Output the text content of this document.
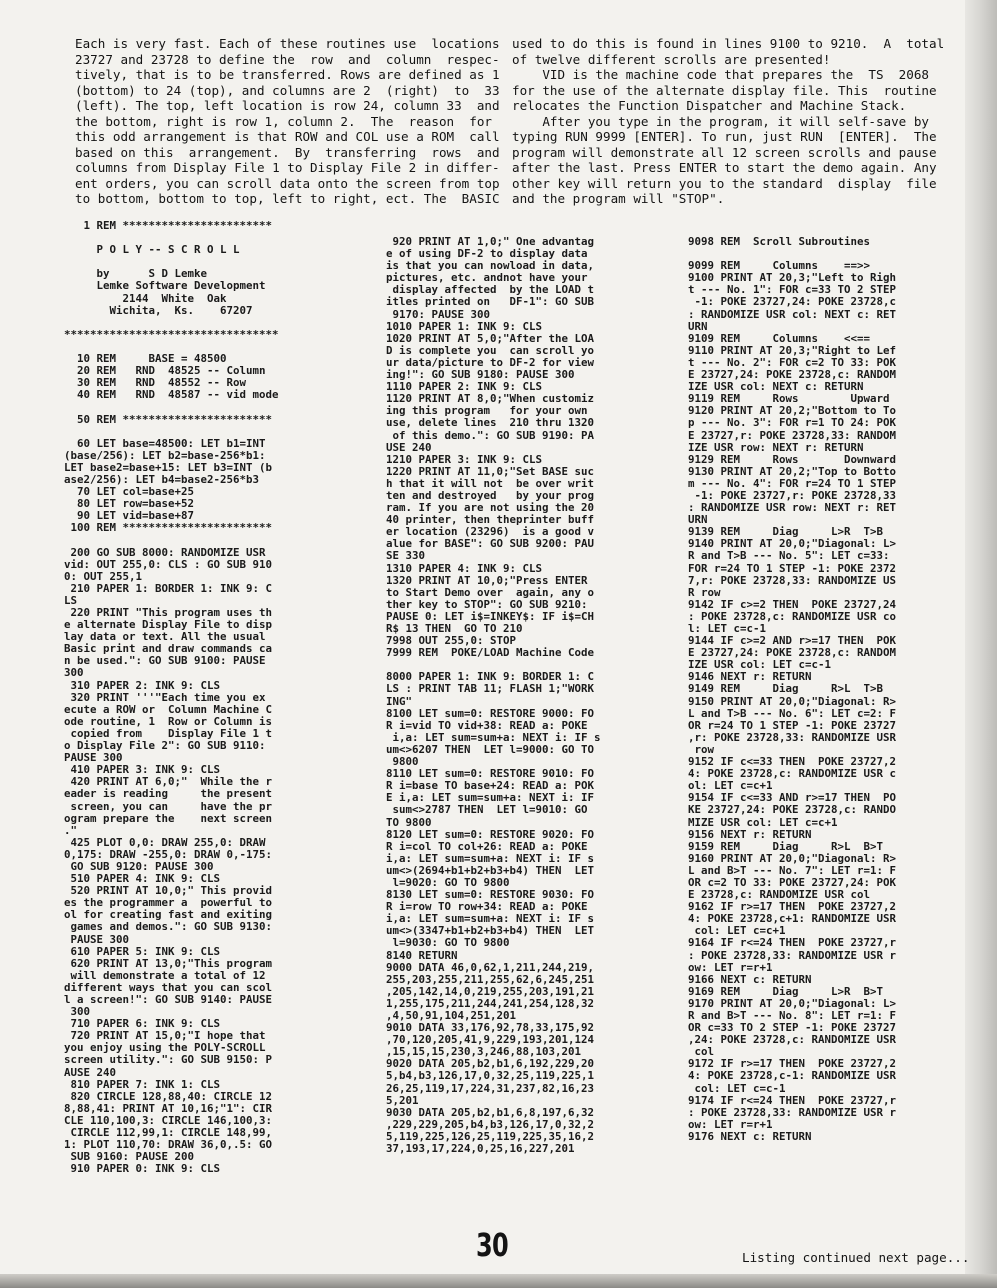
Each is very fast. Each of these routines use  locations
23727 and 23728 to define the  row  and  column  respec-
tively, that is to be transferred. Rows are defined as 1
(bottom) to 24 (top), and columns are 2  (right)  to  33
(left). The top, left location is row 24, column 33  and
the bottom, right is row 1, column 2.  The  reason  for
this odd arrangement is that ROW and COL use a ROM  call
based on this  arrangement.  By  transferring  rows  and
columns from Display File 1 to Display File 2 in differ-
ent orders, you can scroll data onto the screen from top
to bottom, bottom to top, left to right, ect. The  BASIC
used to do this is found in lines 9100 to 9210.  A  total
of twelve different scrolls are presented!
VID is the machine code that prepares the  TS  2068
for the use of the alternate display file. This  routine
relocates the Function Dispatcher and Machine Stack.
After you type in the program, it will self-save by
typing RUN 9999 [ENTER]. To run, just RUN  [ENTER].  The
program will demonstrate all 12 screen scrolls and pause
after the last. Press ENTER to start the demo again. Any
other key will return you to the standard  display  file
and the program will "STOP".
1 REM ***********************

P O L Y -- S C R O L L

by      S D Lemke
Lemke Software Development
2144  White  Oak
Wichita,  Ks.    67207

*********************************

10 REM     BASE = 48500
20 REM   RND  48525 -- Column
30 REM   RND  48552 -- Row
40 REM   RND  48587 -- vid mode

50 REM ***********************

60 LET base=48500: LET b1=INT
(base/256): LET b2=base-256*b1:
LET base2=base+15: LET b3=INT (b
ase2/256): LET b4=base2-256*b3
70 LET col=base+25
80 LET row=base+52
90 LET vid=base+87
100 REM ***********************

200 GO SUB 8000: RANDOMIZE USR
vid: OUT 255,0: CLS : GO SUB 910
0: OUT 255,1
210 PAPER 1: BORDER 1: INK 9: C
LS
220 PRINT "This program uses th
e alternate Display File to disp
lay data or text. All the usual
Basic print and draw commands ca
n be used.": GO SUB 9100: PAUSE
300
310 PAPER 2: INK 9: CLS
320 PRINT '''"Each time you ex
ecute a ROW or  Column Machine C
ode routine, 1  Row or Column is
copied from    Display File 1 t
o Display File 2": GO SUB 9110:
PAUSE 300
410 PAPER 3: INK 9: CLS
420 PRINT AT 6,0;"  While the r
eader is reading     the present
screen, you can     have the pr
ogram prepare the    next screen
."
425 PLOT 0,0: DRAW 255,0: DRAW
0,175: DRAW -255,0: DRAW 0,-175:
GO SUB 9120: PAUSE 300
510 PAPER 4: INK 9: CLS
520 PRINT AT 10,0;" This provid
es the programmer a  powerful to
ol for creating fast and exiting
games and demos.": GO SUB 9130:
PAUSE 300
610 PAPER 5: INK 9: CLS
620 PRINT AT 13,0;"This program
will demonstrate a total of 12
different ways that you can scol
l a screen!": GO SUB 9140: PAUSE
300
710 PAPER 6: INK 9: CLS
720 PRINT AT 15,0;"I hope that
you enjoy using the POLY-SCROLL
screen utility.": GO SUB 9150: P
AUSE 240
810 PAPER 7: INK 1: CLS
820 CIRCLE 128,88,40: CIRCLE 12
8,88,41: PRINT AT 10,16;"1": CIR
CLE 110,100,3: CIRCLE 146,100,3:
CIRCLE 112,99,1: CIRCLE 148,99,
1: PLOT 110,70: DRAW 36,0,.5: GO
SUB 9160: PAUSE 200
910 PAPER 0: INK 9: CLS
920 PRINT AT 1,0;" One advantag
e of using DF-2 to display data
is that you can nowload in data,
pictures, etc. andnot have your
display affected  by the LOAD t
itles printed on   DF-1": GO SUB
9170: PAUSE 300
1010 PAPER 1: INK 9: CLS
1020 PRINT AT 5,0;"After the LOA
D is complete you  can scroll yo
ur data/picture to DF-2 for view
ing!": GO SUB 9180: PAUSE 300
1110 PAPER 2: INK 9: CLS
1120 PRINT AT 8,0;"When customiz
ing this program   for your own
use, delete lines  210 thru 1320
of this demo.": GO SUB 9190: PA
USE 240
1210 PAPER 3: INK 9: CLS
1220 PRINT AT 11,0;"Set BASE suc
h that it will not  be over writ
ten and destroyed   by your prog
ram. If you are not using the 20
40 printer, then theprinter buff
er location (23296)  is a good v
alue for BASE": GO SUB 9200: PAU
SE 330
1310 PAPER 4: INK 9: CLS
1320 PRINT AT 10,0;"Press ENTER
to Start Demo over  again, any o
ther key to STOP": GO SUB 9210:
PAUSE 0: LET i$=INKEY$: IF i$=CH
R$ 13 THEN  GO TO 210
7998 OUT 255,0: STOP
7999 REM  POKE/LOAD Machine Code

8000 PAPER 1: INK 9: BORDER 1: C
LS : PRINT TAB 11; FLASH 1;"WORK
ING"
8100 LET sum=0: RESTORE 9000: FO
R i=vid TO vid+38: READ a: POKE
i,a: LET sum=sum+a: NEXT i: IF s
um<>6207 THEN  LET l=9000: GO TO
9800
8110 LET sum=0: RESTORE 9010: FO
R i=base TO base+24: READ a: POK
E i,a: LET sum=sum+a: NEXT i: IF
sum<>2787 THEN  LET l=9010: GO
TO 9800
8120 LET sum=0: RESTORE 9020: FO
R i=col TO col+26: READ a: POKE
i,a: LET sum=sum+a: NEXT i: IF s
um<>(2694+b1+b2+b3+b4) THEN  LET
l=9020: GO TO 9800
8130 LET sum=0: RESTORE 9030: FO
R i=row TO row+34: READ a: POKE
i,a: LET sum=sum+a: NEXT i: IF s
um<>(3347+b1+b2+b3+b4) THEN  LET
l=9030: GO TO 9800
8140 RETURN
9000 DATA 46,0,62,1,211,244,219,
255,203,255,211,255,62,6,245,251
,205,142,14,0,219,255,203,191,21
1,255,175,211,244,241,254,128,32
,4,50,91,104,251,201
9010 DATA 33,176,92,78,33,175,92
,70,120,205,41,9,229,193,201,124
,15,15,15,230,3,246,88,103,201
9020 DATA 205,b2,b1,6,192,229,20
5,b4,b3,126,17,0,32,25,119,225,1
26,25,119,17,224,31,237,82,16,23
5,201
9030 DATA 205,b2,b1,6,8,197,6,32
,229,229,205,b4,b3,126,17,0,32,2
5,119,225,126,25,119,225,35,16,2
37,193,17,224,0,25,16,227,201
9098 REM  Scroll Subroutines

9099 REM     Columns    ==>>
9100 PRINT AT 20,3;"Left to Righ
t --- No. 1": FOR c=33 TO 2 STEP
-1: POKE 23727,24: POKE 23728,c
: RANDOMIZE USR col: NEXT c: RET
URN
9109 REM     Columns    <<==
9110 PRINT AT 20,3;"Right to Lef
t --- No. 2": FOR c=2 TO 33: POK
E 23727,24: POKE 23728,c: RANDOM
IZE USR col: NEXT c: RETURN
9119 REM     Rows        Upward
9120 PRINT AT 20,2;"Bottom to To
p --- No. 3": FOR r=1 TO 24: POK
E 23727,r: POKE 23728,33: RANDOM
IZE USR row: NEXT r: RETURN
9129 REM     Rows       Downward
9130 PRINT AT 20,2;"Top to Botto
m --- No. 4": FOR r=24 TO 1 STEP
-1: POKE 23727,r: POKE 23728,33
: RANDOMIZE USR row: NEXT r: RET
URN
9139 REM     Diag     L>R  T>B
9140 PRINT AT 20,0;"Diagonal: L>
R and T>B --- No. 5": LET c=33:
FOR r=24 TO 1 STEP -1: POKE 2372
7,r: POKE 23728,33: RANDOMIZE US
R row
9142 IF c>=2 THEN  POKE 23727,24
: POKE 23728,c: RANDOMIZE USR co
l: LET c=c-1
9144 IF c>=2 AND r>=17 THEN  POK
E 23727,24: POKE 23728,c: RANDOM
IZE USR col: LET c=c-1
9146 NEXT r: RETURN
9149 REM     Diag     R>L  T>B
9150 PRINT AT 20,0;"Diagonal: R>
L and T>B --- No. 6": LET c=2: F
OR r=24 TO 1 STEP -1: POKE 23727
,r: POKE 23728,33: RANDOMIZE USR
row
9152 IF c<=33 THEN  POKE 23727,2
4: POKE 23728,c: RANDOMIZE USR c
ol: LET c=c+1
9154 IF c<=33 AND r>=17 THEN  PO
KE 23727,24: POKE 23728,c: RANDO
MIZE USR col: LET c=c+1
9156 NEXT r: RETURN
9159 REM     Diag     R>L  B>T
9160 PRINT AT 20,0;"Diagonal: R>
L and B>T --- No. 7": LET r=1: F
OR c=2 TO 33: POKE 23727,24: POK
E 23728,c: RANDOMIZE USR col
9162 IF r>=17 THEN  POKE 23727,2
4: POKE 23728,c+1: RANDOMIZE USR
col: LET c=c+1
9164 IF r<=24 THEN  POKE 23727,r
: POKE 23728,33: RANDOMIZE USR r
ow: LET r=r+1
9166 NEXT c: RETURN
9169 REM     Diag     L>R  B>T
9170 PRINT AT 20,0;"Diagonal: L>
R and B>T --- No. 8": LET r=1: F
OR c=33 TO 2 STEP -1: POKE 23727
,24: POKE 23728,c: RANDOMIZE USR
col
9172 IF r>=17 THEN  POKE 23727,2
4: POKE 23728,c-1: RANDOMIZE USR
col: LET c=c-1
9174 IF r<=24 THEN  POKE 23727,r
: POKE 23728,33: RANDOMIZE USR r
ow: LET r=r+1
9176 NEXT c: RETURN
30	Listing continued next page...
